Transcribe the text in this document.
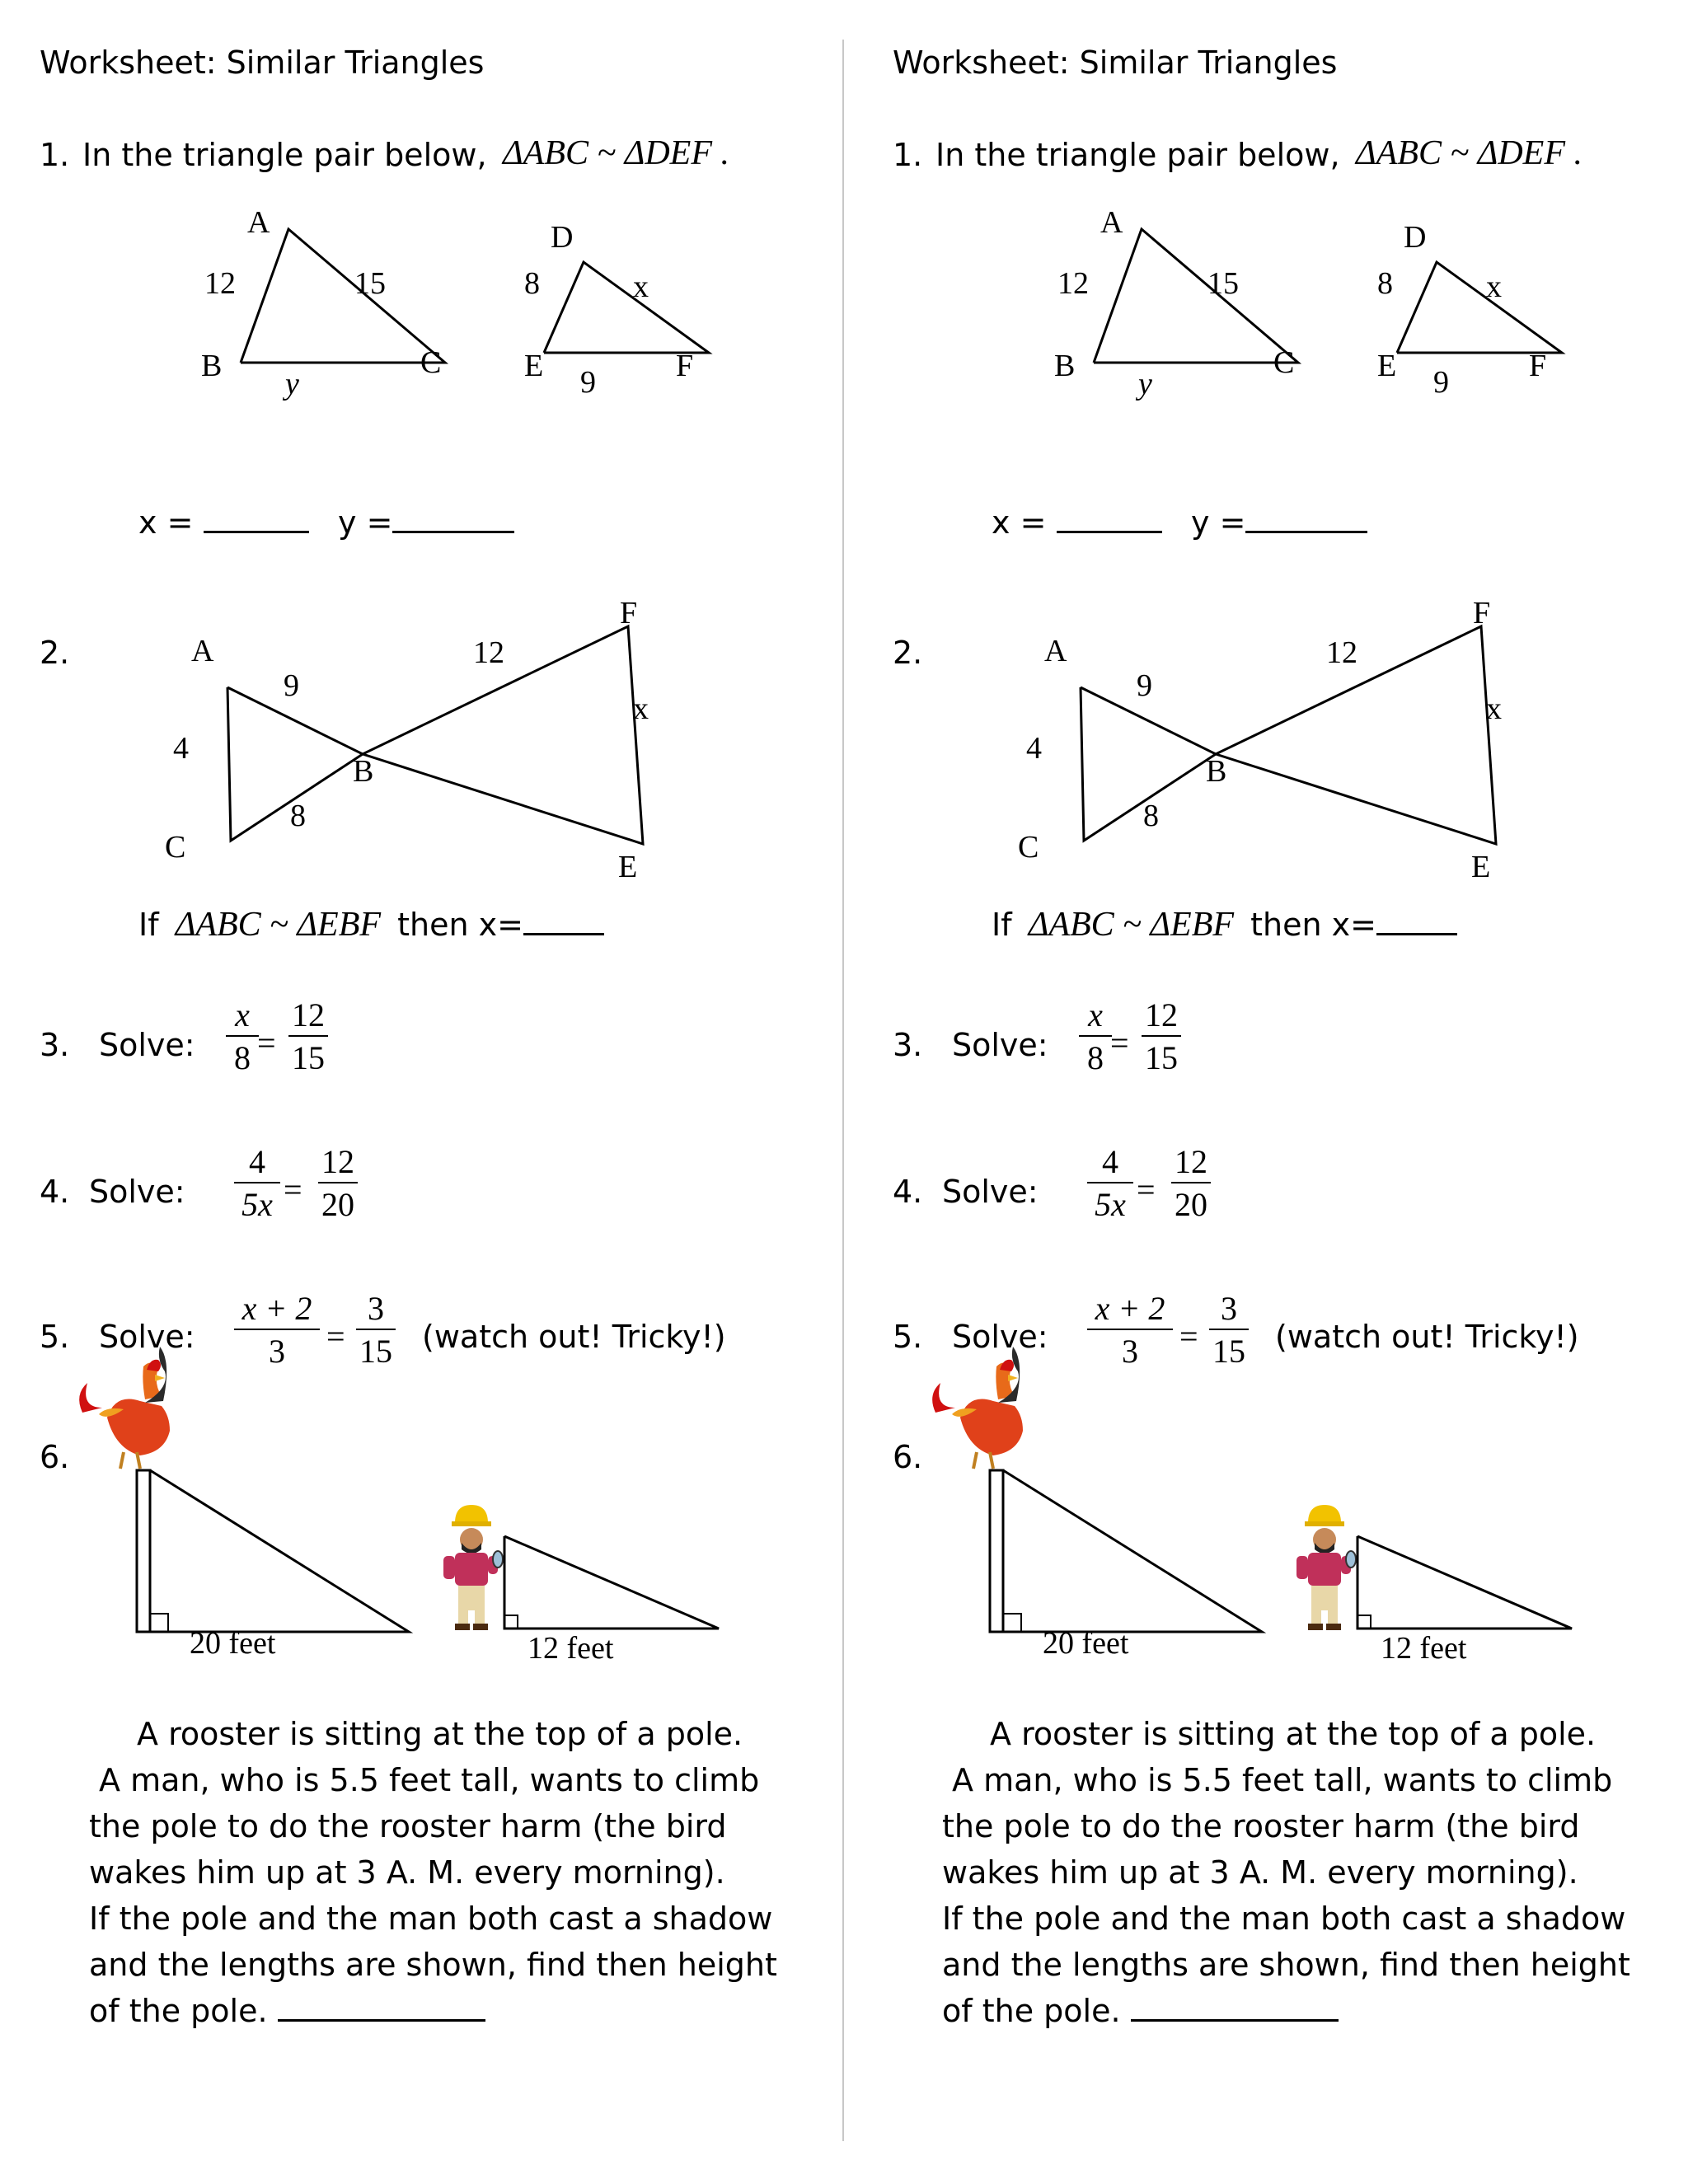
Worksheet: Similar Triangles
1. In the triangle pair below, ΔABC ~ ΔDEF .
A
B	C
12	15
y
D
E	F
8	x
9
x =	y =
2.	A
B
C
E
F
4
9
8
12
x
If ΔABC ~ ΔEBF then x=
3. Solve:
x
8 =
12
15
4. Solve:
4
5x =
12
20
5. Solve:
x + 2
3 =
3
15 (watch out! Tricky!)
6.
20 feet	12 feet
A rooster is sitting at the top of a pole.
A man, who is 5.5 feet tall, wants to climb
the pole to do the rooster harm (the bird
wakes him up at 3 A. M. every morning).
If the pole and the man both cast a shadow
and the lengths are shown, find then height
of the pole.
Worksheet: Similar Triangles
1. In the triangle pair below, ΔABC ~ ΔDEF .
A
B	C
12	15
y
D
E	F
8	x
9
x =	y =
2.	A
B
C
E
F
4
9
8
12
x
If ΔABC ~ ΔEBF then x=
3. Solve:
x
8 =
12
15
4. Solve:
4
5x =
12
20
5. Solve:
x + 2
3 =
3
15 (watch out! Tricky!)
6.
20 feet	12 feet
A rooster is sitting at the top of a pole.
A man, who is 5.5 feet tall, wants to climb
the pole to do the rooster harm (the bird
wakes him up at 3 A. M. every morning).
If the pole and the man both cast a shadow
and the lengths are shown, find then height
of the pole.
